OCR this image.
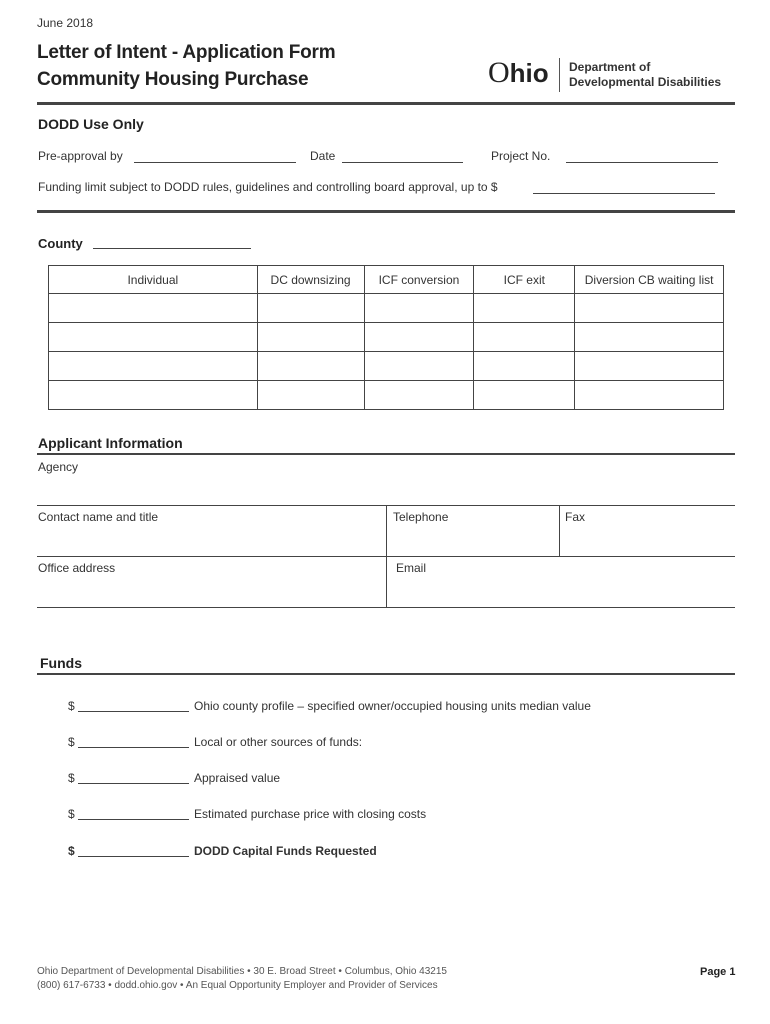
June 2018
Letter of Intent - Application Form
Community Housing Purchase	Ohio Department of
Developmental Disabilities
DODD Use Only
Pre-approval by	Date	Project No.
Funding limit subject to DODD rules, guidelines and controlling board approval, up to $
County
Individual	DC downsizing	ICF conversion	ICF exit	Diversion CB waiting list

Applicant Information
Agency
Contact name and title	Telephone	Fax
Office address	Email
Funds
$	Ohio county profile – specified owner/occupied housing units median value
$	Local or other sources of funds:
$	Appraised value
$	Estimated purchase price with closing costs
$	DODD Capital Funds Requested
Ohio Department of Developmental Disabilities • 30 E. Broad Street • Columbus, Ohio 43215
(800) 617-6733 • dodd.ohio.gov • An Equal Opportunity Employer and Provider of Services
Page 1
